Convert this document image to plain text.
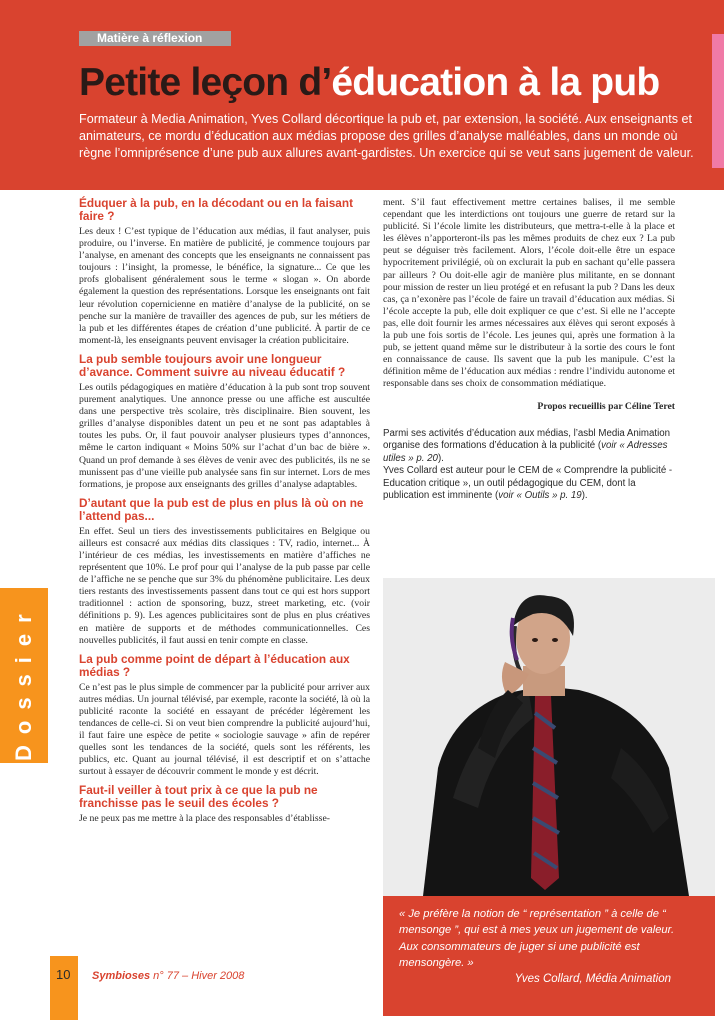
Matière à réflexion
Petite leçon d’éducation à la pub

Formateur à Media Animation, Yves Collard décortique la pub et, par extension, la société. Aux enseignants et animateurs, ce mordu d’éducation aux médias propose des grilles d’analyse malléables, dans un monde où règne l’omniprésence d’une pub aux allures avant-gardistes. Un exercice qui se veut sans jugement de valeur.

Éduquer à la pub, en la décodant ou en la faisant faire ?

Les deux ! C’est typique de l’éducation aux médias, il faut analyser, puis produire, ou l’inverse. En matière de publicité, je commence toujours par l’analyse, en amenant des concepts que les enseignants ne connaissent pas toujours : l’insight, la promesse, le bénéfice, la signature... Ce que les profs globalisent généralement sous le terme « slogan ». On aborde également la question des représentations. Lorsque les enseignants ont fait leur révolution copernicienne en matière d’analyse de la publicité, on se penche sur la manière de travailler des agences de pub, sur les métiers de la pub et les différentes étapes de création d’une publicité. À partir de ce moment-là, les enseignants peuvent envisager la création publicitaire.

La pub semble toujours avoir une longueur d’avance. Comment suivre au niveau éducatif ?

Les outils pédagogiques en matière d’éducation à la pub sont trop souvent purement analytiques. Une annonce presse ou une affiche est auscultée dans une perspective très scolaire, très disciplinaire. Bien souvent, les grilles d’analyse disponibles datent un peu et ne sont pas adaptables à toutes les pubs. Or, il faut pouvoir analyser plusieurs types d’annonces, même le carton indiquant « Moins 50% sur l’achat d’un bac de bière ». Quand un prof demande à ses élèves de venir avec des publicités, ils ne se munissent pas d’une vieille pub analysée sans fin sur internet. Lors de mes formations, je propose aux enseignants des grilles d’analyse adaptables.

D’autant que la pub est de plus en plus là où on ne l’attend pas...

En effet. Seul un tiers des investissements publicitaires en Belgique ou ailleurs est consacré aux médias dits classiques : TV, radio, internet... À l’intérieur de ces médias, les investissements en matière d’affiches ne représentent que 10%. Le prof pour qui l’analyse de la pub passe par celle de l’affiche ne se penche que sur 3% du phénomène publicitaire. Les deux tiers restants des investissements passent dans tout ce qui est hors support traditionnel : action de sponsoring, buzz, street marketing, etc. (voir définitions p. 9). Les agences publicitaires sont de plus en plus créatives en matière de supports et de méthodes communicationnelles. Ces nouvelles publicités, il faut aussi en tenir compte en classe.

La pub comme point de départ à l’éducation aux médias ?

Ce n’est pas le plus simple de commencer par la publicité pour arriver aux autres médias. Un journal télévisé, par exemple, raconte la société, là où la publicité raconte la société en essayant de précéder légèrement les tendances de celle-ci. Si on veut bien comprendre la publicité aujourd’hui, il faut faire une espèce de petite « sociologie sauvage » afin de repérer quelles sont les tendances de la société, quels sont les référents, les publics, etc. Quant au journal télévisé, il est descriptif et on s’attache surtout à essayer de découvrir comment le monde y est décrit.

Faut-il veiller à tout prix à ce que la pub ne franchisse pas le seuil des écoles ?

Je ne peux pas me mettre à la place des responsables d’établisse-

ment. S’il faut effectivement mettre certaines balises, il me semble cependant que les interdictions ont toujours une guerre de retard sur la publicité. Si l’école limite les distributeurs, que mettra-t-elle à la place et les élèves n’apporteront-ils pas les mêmes produits de chez eux ? La pub peut se déguiser très facilement. Alors, l’école doit-elle être un espace hypocritement privilégié, où on exclurait la pub en sachant qu’elle passera par ailleurs ? Ou doit-elle agir de manière plus militante, en se donnant pour mission de rester un lieu protégé et en refusant la pub ? Dans les deux cas, ça n’exonère pas l’école de faire un travail d’éducation aux médias. Si l’école accepte la pub, elle doit expliquer ce que c’est. Si elle ne l’accepte pas, elle doit fournir les armes nécessaires aux élèves qui seront exposés à la pub une fois sortis de l’école. Les jeunes qui, après une formation à la pub, se jettent quand même sur le distributeur à la sortie des cours le font en connaissance de cause. Ils savent que la pub les manipule. C’est la définition même de l’éducation aux médias : rendre l’individu autonome et responsable dans ses choix de consommation médiatique.

Propos recueillis par Céline Teret

Parmi ses activités d’éducation aux médias, l’asbl Media Animation organise des formations d’éducation à la publicité (voir « Adresses utiles » p. 20).

Yves Collard est auteur pour le CEM de « Comprendre la publicité - Education critique », un outil pédagogique du CEM, dont la publication est imminente (voir « Outils » p. 19).

Dossier

« Je préfère la notion de “ représentation ” à celle de “ mensonge ”, qui est à mes yeux un jugement de valeur. Aux consommateurs de juger si une publicité est mensongère. »

Yves Collard, Média Animation

10 Symbioses n° 77 – Hiver 2008
